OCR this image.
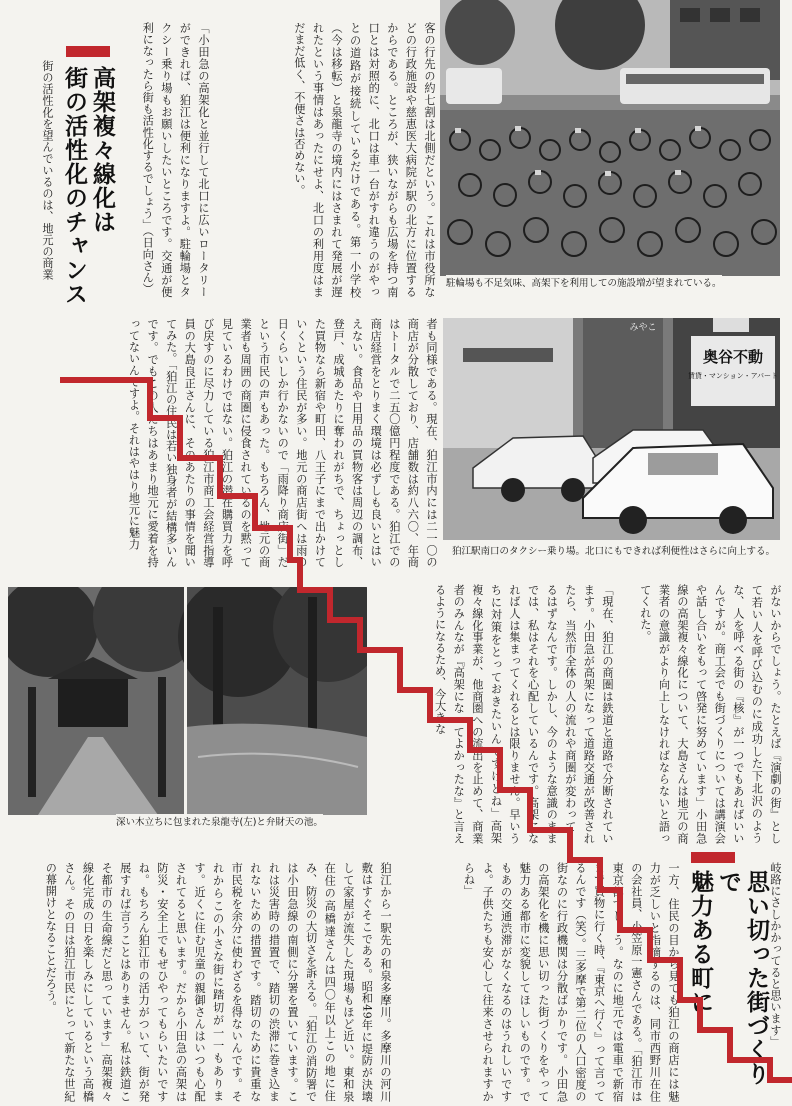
駐輪場も不足気味、高架下を利用しての施設増が望まれている。
客の行先の約七割は北側だという。これは市役所などの行政施設や慈恵医大病院が駅の北方に位置するからである。ところが、狭いながらも広場を持つ南口とは対照的に、北口は車一台がすれ違うのがやっとの道路が接続しているだけである。第一小学校（今は移転）と泉龍寺の境内にはさまれて発展が遅れたという事情はあったにせよ、北口の利用度はまだまだ低く、不便さは否めない。
「小田急の高架化と並行して北口に広いロータリーができれば、狛江は便利になりますよ。駐輪場とタクシー乗り場もお願いしたいところです。交通が便利になったら街も活性化するでしょう」（日向さん）
高架複々線化は
街の活性化のチャンス
街の活性化を望んでいるのは、地元の商業
奥谷不動
賃貸・マンション・アパート
みやこ
狛江駅南口のタクシー乗り場。北口にもできれば利便性はさらに向上する。
者も同様である。現在、狛江市内には二一〇の商店が分散しており、店舗数は約八六〇、年商はトータルで二五〇億円程度である。狛江での商店経営をとりまく環境は必ずしも良いとはいえない。食品や日用品の買物客は周辺の調布、登戸、成城あたりに奪われがちで、ちょっとした買物なら新宿や町田、八王子にまで出かけていくという住民が多い。地元の商店街へは雨の日くらいしか行かないので「雨降り商店街」だという市民の声もあった。もちろん、地元の商業者も周囲の商圏に侵食されているのを黙って見ているわけではない。狛江の潜在購買力を呼び戻すのに尽力している狛江市商工会経営指導員の大島良正さんに、そのあたりの事情を聞いてみた。「狛江の住民は若い独身者が結構多いんです。でもこの人たちはあまり地元に愛着を持ってないんですよ。それはやはり地元に魅力
深い木立ちに包まれた泉龍寺(左)と弁財天の池。	がないからでしょう。たとえば『演劇の街』として若い人を呼び込むのに成功した下北沢のような、人を呼べる街の『核』が一つでもあればいいんですが。商工会でも街づくりについては講演会や話し合いをもって啓発に努めています」小田急線の高架複々線化について、大島さんは地元の商業者の意識がより向上しなければならないと語ってくれた。
「現在、狛江の商圏は鉄道と道路で分断されています。小田急が高架になって道路交通が改善されたら、当然市全体の人の流れや商圏が変わってくるはずなんです。しかし、今のような意識のままでは、私はそれを心配しているんです。高架になれば人は集まってくれるとは限りません。早いうちに対策をとっておきたいんですけどね」高架複々線化事業が、他商圏への流出を止めて、商業者のみんなが『高架になってよかったな』と言えるようになるため、今大きな
思い切った街づくりで
魅力ある町に	岐路にさしかかってると思います」
一方、住民の目から見ても狛江の商店には魅力が乏しいと指摘するのは、同市西野川在住の会社員、小笠原一憲さんである。「狛江市は東京都でしょう。なのに地元では電車で新宿まで買物に行く時、『東京へ行く』って言ってるんです（笑）。三多摩で第二位の人口密度の街なのに行政機関は分散ばかりです。小田急の高架化を機に思い切った街づくりをやって魅力ある都市に変貌してほしいものです。でもあの交通渋滞がなくなるのはうれしいですよ。子供たちも安心して往来させられますからね」
狛江から一駅先の和泉多摩川。多摩川の河川敷はすぐそこである。昭和49年に堤防が決壊して家屋が流失した現場もほど近い。東和泉在住の高橋達さんは四〇年以上この地に住み、防災の大切さを訴える。「狛江の消防署では小田急線の南側に分署を置いています。これは災害時の措置で、踏切の渋滞に巻き込まれないための措置です。踏切のために貴重な市民税を余分に使わざるを得ないんです。それからこの小さな街に踏切が一一もあります。近くに住む児童の親御さんはいつも心配されてると思います。だから小田急の高架は防災・安全上でもぜひやってもらいたいですね。もちろん狛江市の活力がついて、街が発展すれば言うことはありません。私は鉄道こそ都市の生命線だと思っています」高架複々線化完成の日を楽しみにしているという高橋さん。その日は狛江市民にとって新たな世紀の幕開けとなることだろう。
